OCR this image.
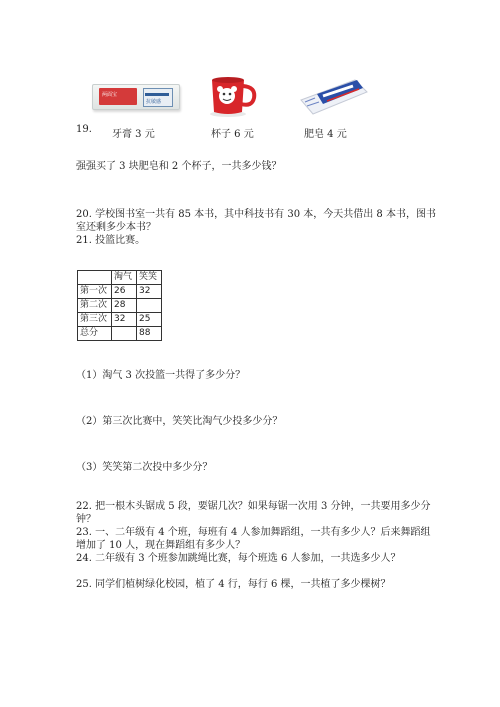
两面宝
抗敏感
19. 牙膏 3 元	杯子 6 元	肥皂 4 元
强强买了 3 块肥皂和 2 个杯子，一共多少钱？
20. 学校图书室一共有 85 本书，其中科技书有 30 本，今天共借出 8 本书，图书
室还剩多少本书？
21. 投篮比赛。
	淘气	笑笑
第一次	26	32
第二次	28	
第三次	32	25
总分		88
（1）淘气 3 次投篮一共得了多少分？
（2）第三次比赛中，笑笑比淘气少投多少分？
（3）笑笑第二次投中多少分？
22. 把一根木头锯成 5 段，要锯几次？如果每锯一次用 3 分钟，一共要用多少分
钟？
23. 一、二年级有 4 个班，每班有 4 人参加舞蹈组，一共有多少人？后来舞蹈组
增加了 10 人，现在舞蹈组有多少人？
24. 二年级有 3 个班参加跳绳比赛，每个班选 6 人参加，一共选多少人？
25. 同学们植树绿化校园，植了 4 行，每行 6 棵，一共植了多少棵树？
